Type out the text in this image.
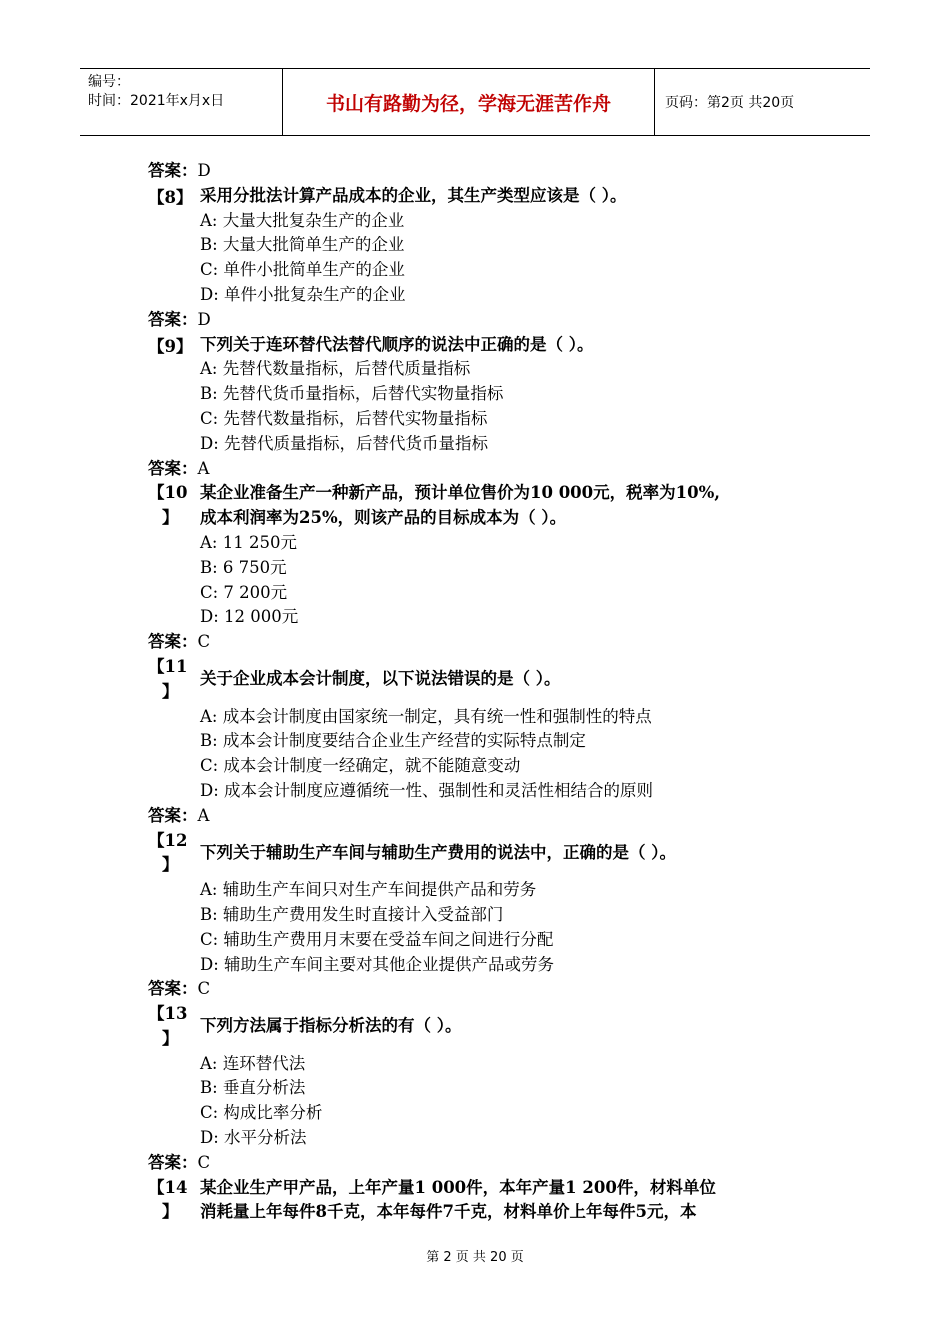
编号：
时间：2021年x月x日	书山有路勤为径，学海无涯苦作舟	页码：第2页 共20页
答案：D
【8】 采用分批法计算产品成本的企业，其生产类型应该是（ ）。
A: 大量大批复杂生产的企业
B: 大量大批简单生产的企业
C: 单件小批简单生产的企业
D: 单件小批复杂生产的企业
答案：D
【9】 下列关于连环替代法替代顺序的说法中正确的是（ ）。
A: 先替代数量指标，后替代质量指标
B: 先替代货币量指标，后替代实物量指标
C: 先替代数量指标，后替代实物量指标
D: 先替代质量指标，后替代货币量指标
答案：A
【10
】
某企业准备生产一种新产品，预计单位售价为10 000元，税率为10%,
成本利润率为25%，则该产品的目标成本为（ ）。
A: 11 250元
B: 6 750元
C: 7 200元
D: 12 000元
答案：C
【11
】
关于企业成本会计制度，以下说法错误的是（ ）。
A: 成本会计制度由国家统一制定，具有统一性和强制性的特点
B: 成本会计制度要结合企业生产经营的实际特点制定
C: 成本会计制度一经确定，就不能随意变动
D: 成本会计制度应遵循统一性、强制性和灵活性相结合的原则
答案：A
【12
】
下列关于辅助生产车间与辅助生产费用的说法中，正确的是（ ）。
A: 辅助生产车间只对生产车间提供产品和劳务
B: 辅助生产费用发生时直接计入受益部门
C: 辅助生产费用月末要在受益车间之间进行分配
D: 辅助生产车间主要对其他企业提供产品或劳务
答案：C
【13
】
下列方法属于指标分析法的有（ ）。
A: 连环替代法
B: 垂直分析法
C: 构成比率分析
D: 水平分析法
答案：C
【14
】
某企业生产甲产品，上年产量1 000件，本年产量1 200件，材料单位
消耗量上年每件8千克，本年每件7千克，材料单价上年每件5元，本
第 2 页 共 20 页
